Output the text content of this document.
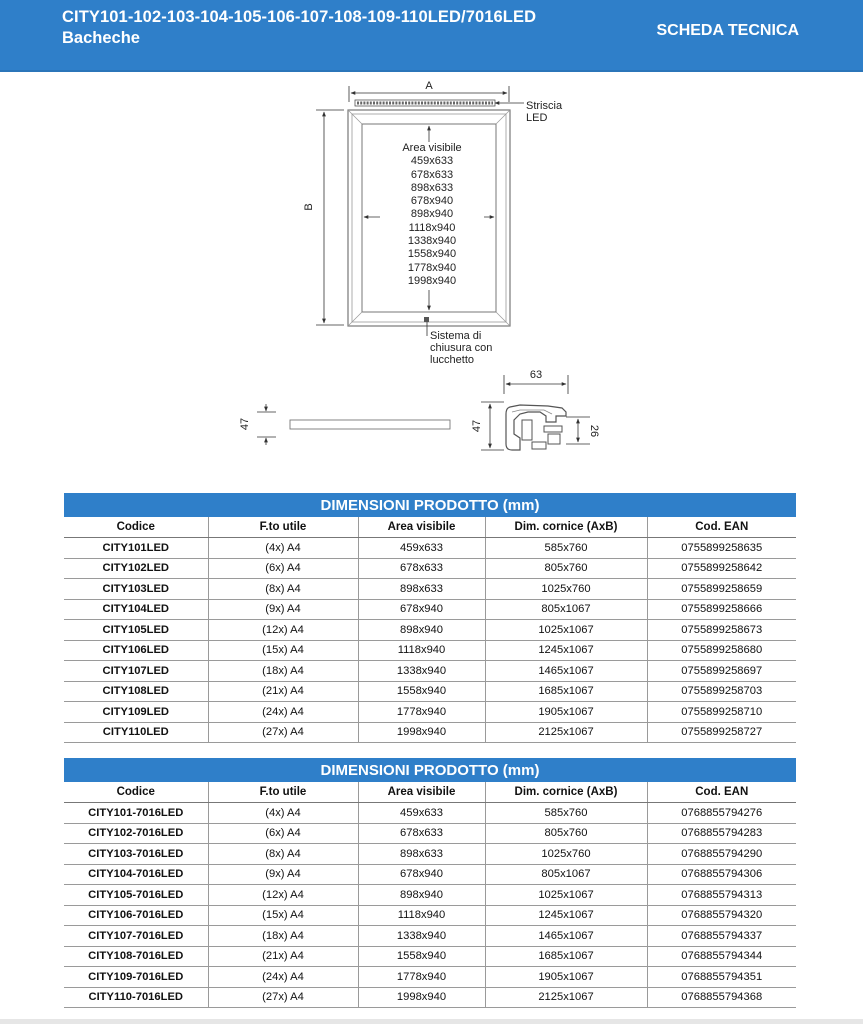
CITY101-102-103-104-105-106-107-108-109-110LED/7016LED
Bacheche	SCHEDA TECNICA
A
B
63
47	47	26
Area visibile
459x633
678x633
898x633
678x940
898x940
1118x940
1338x940
1558x940
1778x940
1998x940
Striscia
LED
Sistema di
chiusura con
lucchetto
DIMENSIONI PRODOTTO (mm)
Codice	F.to utile	Area visibile	Dim. cornice (AxB)	Cod. EAN
CITY101LED	(4x) A4	459x633	585x760	0755899258635
CITY102LED	(6x) A4	678x633	805x760	0755899258642
CITY103LED	(8x) A4	898x633	1025x760	0755899258659
CITY104LED	(9x) A4	678x940	805x1067	0755899258666
CITY105LED	(12x) A4	898x940	1025x1067	0755899258673
CITY106LED	(15x) A4	1118x940	1245x1067	0755899258680
CITY107LED	(18x) A4	1338x940	1465x1067	0755899258697
CITY108LED	(21x) A4	1558x940	1685x1067	0755899258703
CITY109LED	(24x) A4	1778x940	1905x1067	0755899258710
CITY110LED	(27x) A4	1998x940	2125x1067	0755899258727
DIMENSIONI PRODOTTO (mm)
Codice	F.to utile	Area visibile	Dim. cornice (AxB)	Cod. EAN
CITY101-7016LED	(4x) A4	459x633	585x760	0768855794276
CITY102-7016LED	(6x) A4	678x633	805x760	0768855794283
CITY103-7016LED	(8x) A4	898x633	1025x760	0768855794290
CITY104-7016LED	(9x) A4	678x940	805x1067	0768855794306
CITY105-7016LED	(12x) A4	898x940	1025x1067	0768855794313
CITY106-7016LED	(15x) A4	1118x940	1245x1067	0768855794320
CITY107-7016LED	(18x) A4	1338x940	1465x1067	0768855794337
CITY108-7016LED	(21x) A4	1558x940	1685x1067	0768855794344
CITY109-7016LED	(24x) A4	1778x940	1905x1067	0768855794351
CITY110-7016LED	(27x) A4	1998x940	2125x1067	0768855794368
